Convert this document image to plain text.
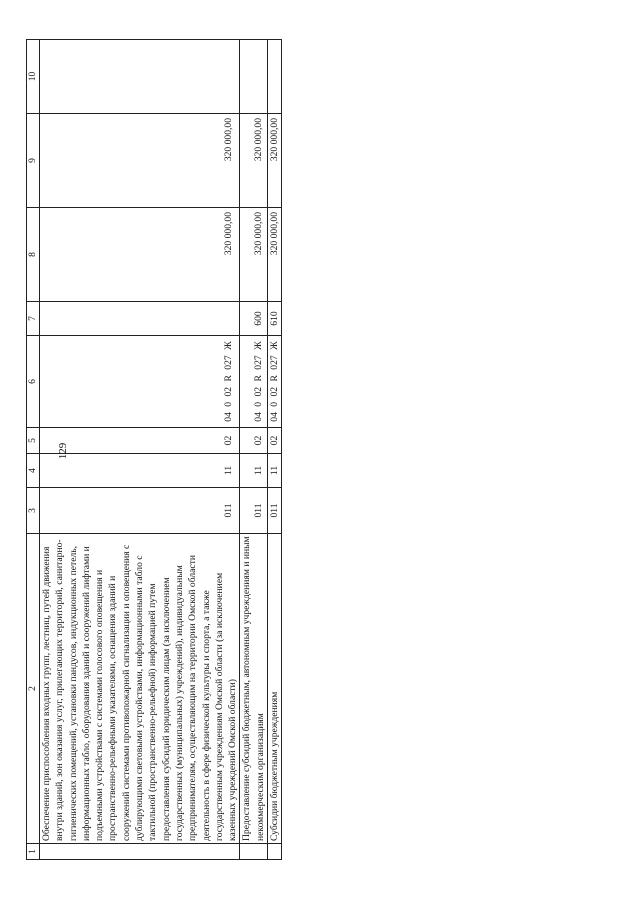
129
1	2	3	4	5	6	7	8	9	10
	Обеспечение приспособления входных групп, лестниц, путей движения внутри зданий, зон оказания услуг, прилегающих территорий, санитарно-гигиенических помещений, установки пандусов, индукционных петель, информационных табло, оборудования зданий и сооружений лифтами и подъемными устройствами с системами голосового оповещения и пространственно-рельефными указателями, оснащения зданий и сооружений системами противопожарной сигнализации и оповещения с дублирующими световыми устройствами, информационными табло с тактильной (пространственно-рельефной) информацией путем предоставления субсидий юридическим лицам (за исключением государственных (муниципальных) учреждений), индивидуальным предпринимателям, осуществляющим на территории Омской области деятельность в сфере физической культуры и спорта, а также государственным учреждениям Омской области (за исключением казенных учреждений Омской области)	011	11	02	04 0 02 R 027 Ж		320 000,00	320 000,00	
	Предоставление субсидий бюджетным, автономным учреждениям и иным некоммерческим организациям	011	11	02	04 0 02 R 027 Ж	600	320 000,00	320 000,00	
	Субсидии бюджетным учреждениям	011	11	02	04 0 02 R 027 Ж	610	320 000,00	320 000,00	
